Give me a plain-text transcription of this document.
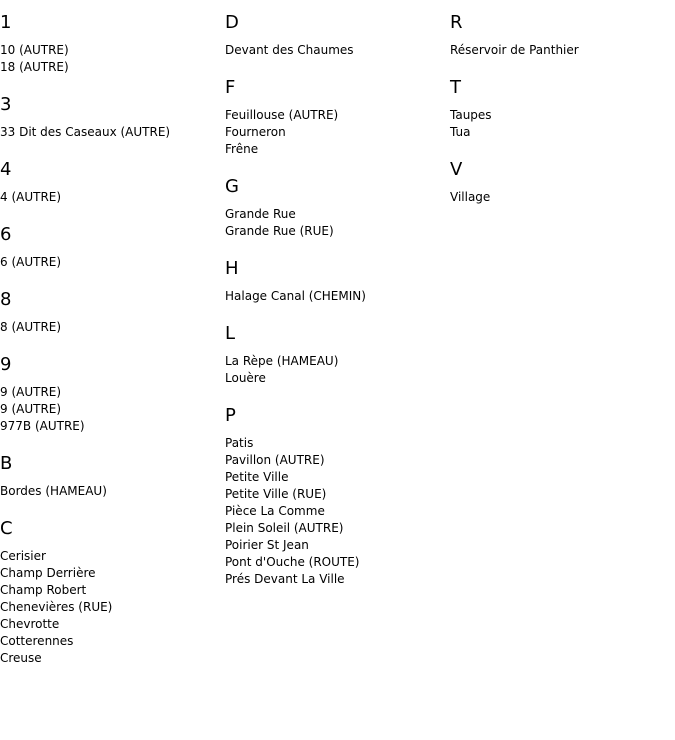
1
10 (AUTRE)
18 (AUTRE)
3
33 Dit des Caseaux (AUTRE)
4
4 (AUTRE)
6
6 (AUTRE)
8
8 (AUTRE)
9
9 (AUTRE)
9 (AUTRE)
977B (AUTRE)
B
Bordes (HAMEAU)
C
Cerisier
Champ Derrière
Champ Robert
Chenevières (RUE)
Chevrotte
Cotterennes
Creuse
D
Devant des Chaumes
F
Feuillouse (AUTRE)
Fourneron
Frêne
G
Grande Rue
Grande Rue (RUE)
H
Halage Canal (CHEMIN)
L
La Rèpe (HAMEAU)
Louère
P
Patis
Pavillon (AUTRE)
Petite Ville
Petite Ville (RUE)
Pièce La Comme
Plein Soleil (AUTRE)
Poirier St Jean
Pont d'Ouche (ROUTE)
Prés Devant La Ville
R
Réservoir de Panthier
T
Taupes
Tua
V
Village
